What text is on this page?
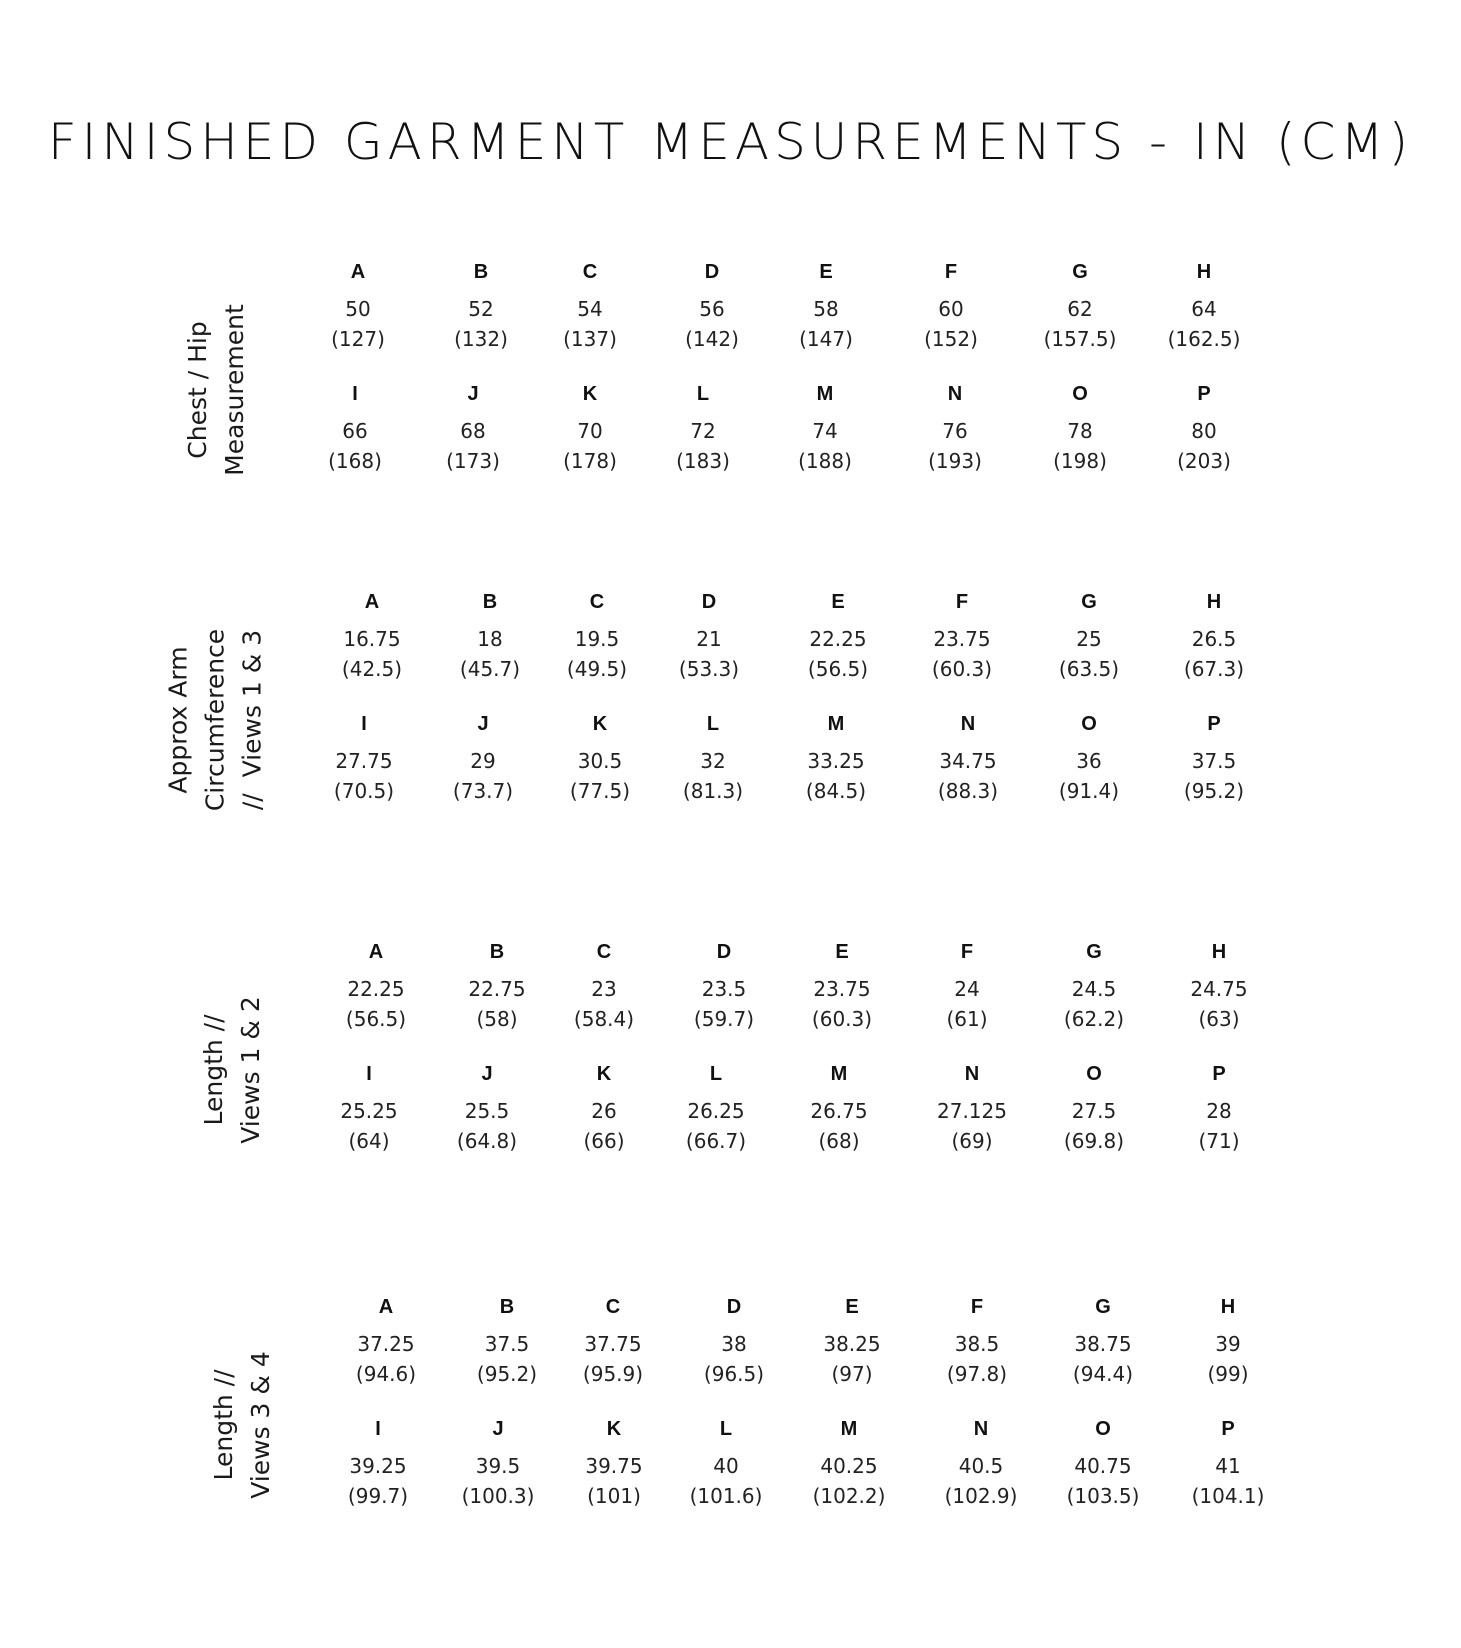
FINISHED GARMENT MEASUREMENTS - IN (CM)
Chest / Hip
Measurement
A
50
(127)
B
52
(132)
C
54
(137)
D
56
(142)
E
58
(147)
F
60
(152)
G
62
(157.5)
H
64
(162.5)
I
66
(168)
J
68
(173)
K
70
(178)
L
72
(183)
M
74
(188)
N
76
(193)
O
78
(198)
P
80
(203)
Approx Arm
Circumference
//  Views 1 & 3
A
16.75
(42.5)
B
18
(45.7)
C
19.5
(49.5)
D
21
(53.3)
E
22.25
(56.5)
F
23.75
(60.3)
G
25
(63.5)
H
26.5
(67.3)
I
27.75
(70.5)
J
29
(73.7)
K
30.5
(77.5)
L
32
(81.3)
M
33.25
(84.5)
N
34.75
(88.3)
O
36
(91.4)
P
37.5
(95.2)
Length //
Views 1 & 2
A
22.25
(56.5)
B
22.75
(58)
C
23
(58.4)
D
23.5
(59.7)
E
23.75
(60.3)
F
24
(61)
G
24.5
(62.2)
H
24.75
(63)
I
25.25
(64)
J
25.5
(64.8)
K
26
(66)
L
26.25
(66.7)
M
26.75
(68)
N
27.125
(69)
O
27.5
(69.8)
P
28
(71)
Length //
Views 3 & 4
A
37.25
(94.6)
B
37.5
(95.2)
C
37.75
(95.9)
D
38
(96.5)
E
38.25
(97)
F
38.5
(97.8)
G
38.75
(94.4)
H
39
(99)
I
39.25
(99.7)
J
39.5
(100.3)
K
39.75
(101)
L
40
(101.6)
M
40.25
(102.2)
N
40.5
(102.9)
O
40.75
(103.5)
P
41
(104.1)
